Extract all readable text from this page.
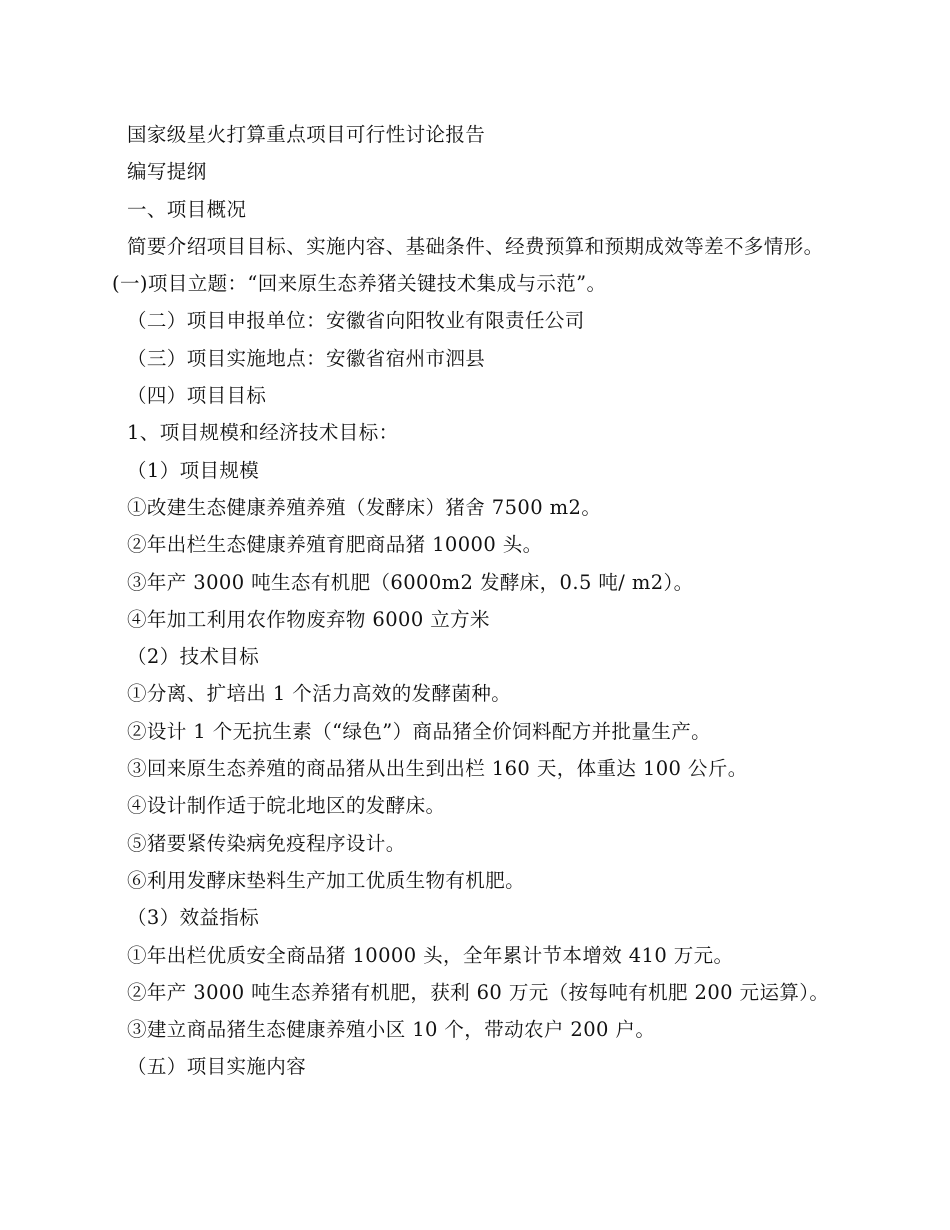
国家级星火打算重点项目可行性讨论报告
编写提纲
一、项目概况
简要介绍项目目标、实施内容、基础条件、经费预算和预期成效等差不多情形。(一)项目立题：“回来原生态养猪关键技术集成与示范”。
（二）项目申报单位：安徽省向阳牧业有限责任公司
（三）项目实施地点：安徽省宿州市泗县
（四）项目目标
1、项目规模和经济技术目标：
（1）项目规模
①改建生态健康养殖养殖（发酵床）猪舍 7500 m2。
②年出栏生态健康养殖育肥商品猪 10000 头。
③年产 3000 吨生态有机肥（6000m2 发酵床，0.5 吨/ m2）。
④年加工利用农作物废弃物 6000 立方米
（2）技术目标
①分离、扩培出 1 个活力高效的发酵菌种。
②设计 1 个无抗生素（“绿色”）商品猪全价饲料配方并批量生产。
③回来原生态养殖的商品猪从出生到出栏 160 天，体重达 100 公斤。
④设计制作适于皖北地区的发酵床。
⑤猪要紧传染病免疫程序设计。
⑥利用发酵床垫料生产加工优质生物有机肥。
（3）效益指标
①年出栏优质安全商品猪 10000 头，全年累计节本增效 410 万元。
②年产 3000 吨生态养猪有机肥，获利 60 万元（按每吨有机肥 200 元运算）。
③建立商品猪生态健康养殖小区 10 个，带动农户 200 户。
（五）项目实施内容
